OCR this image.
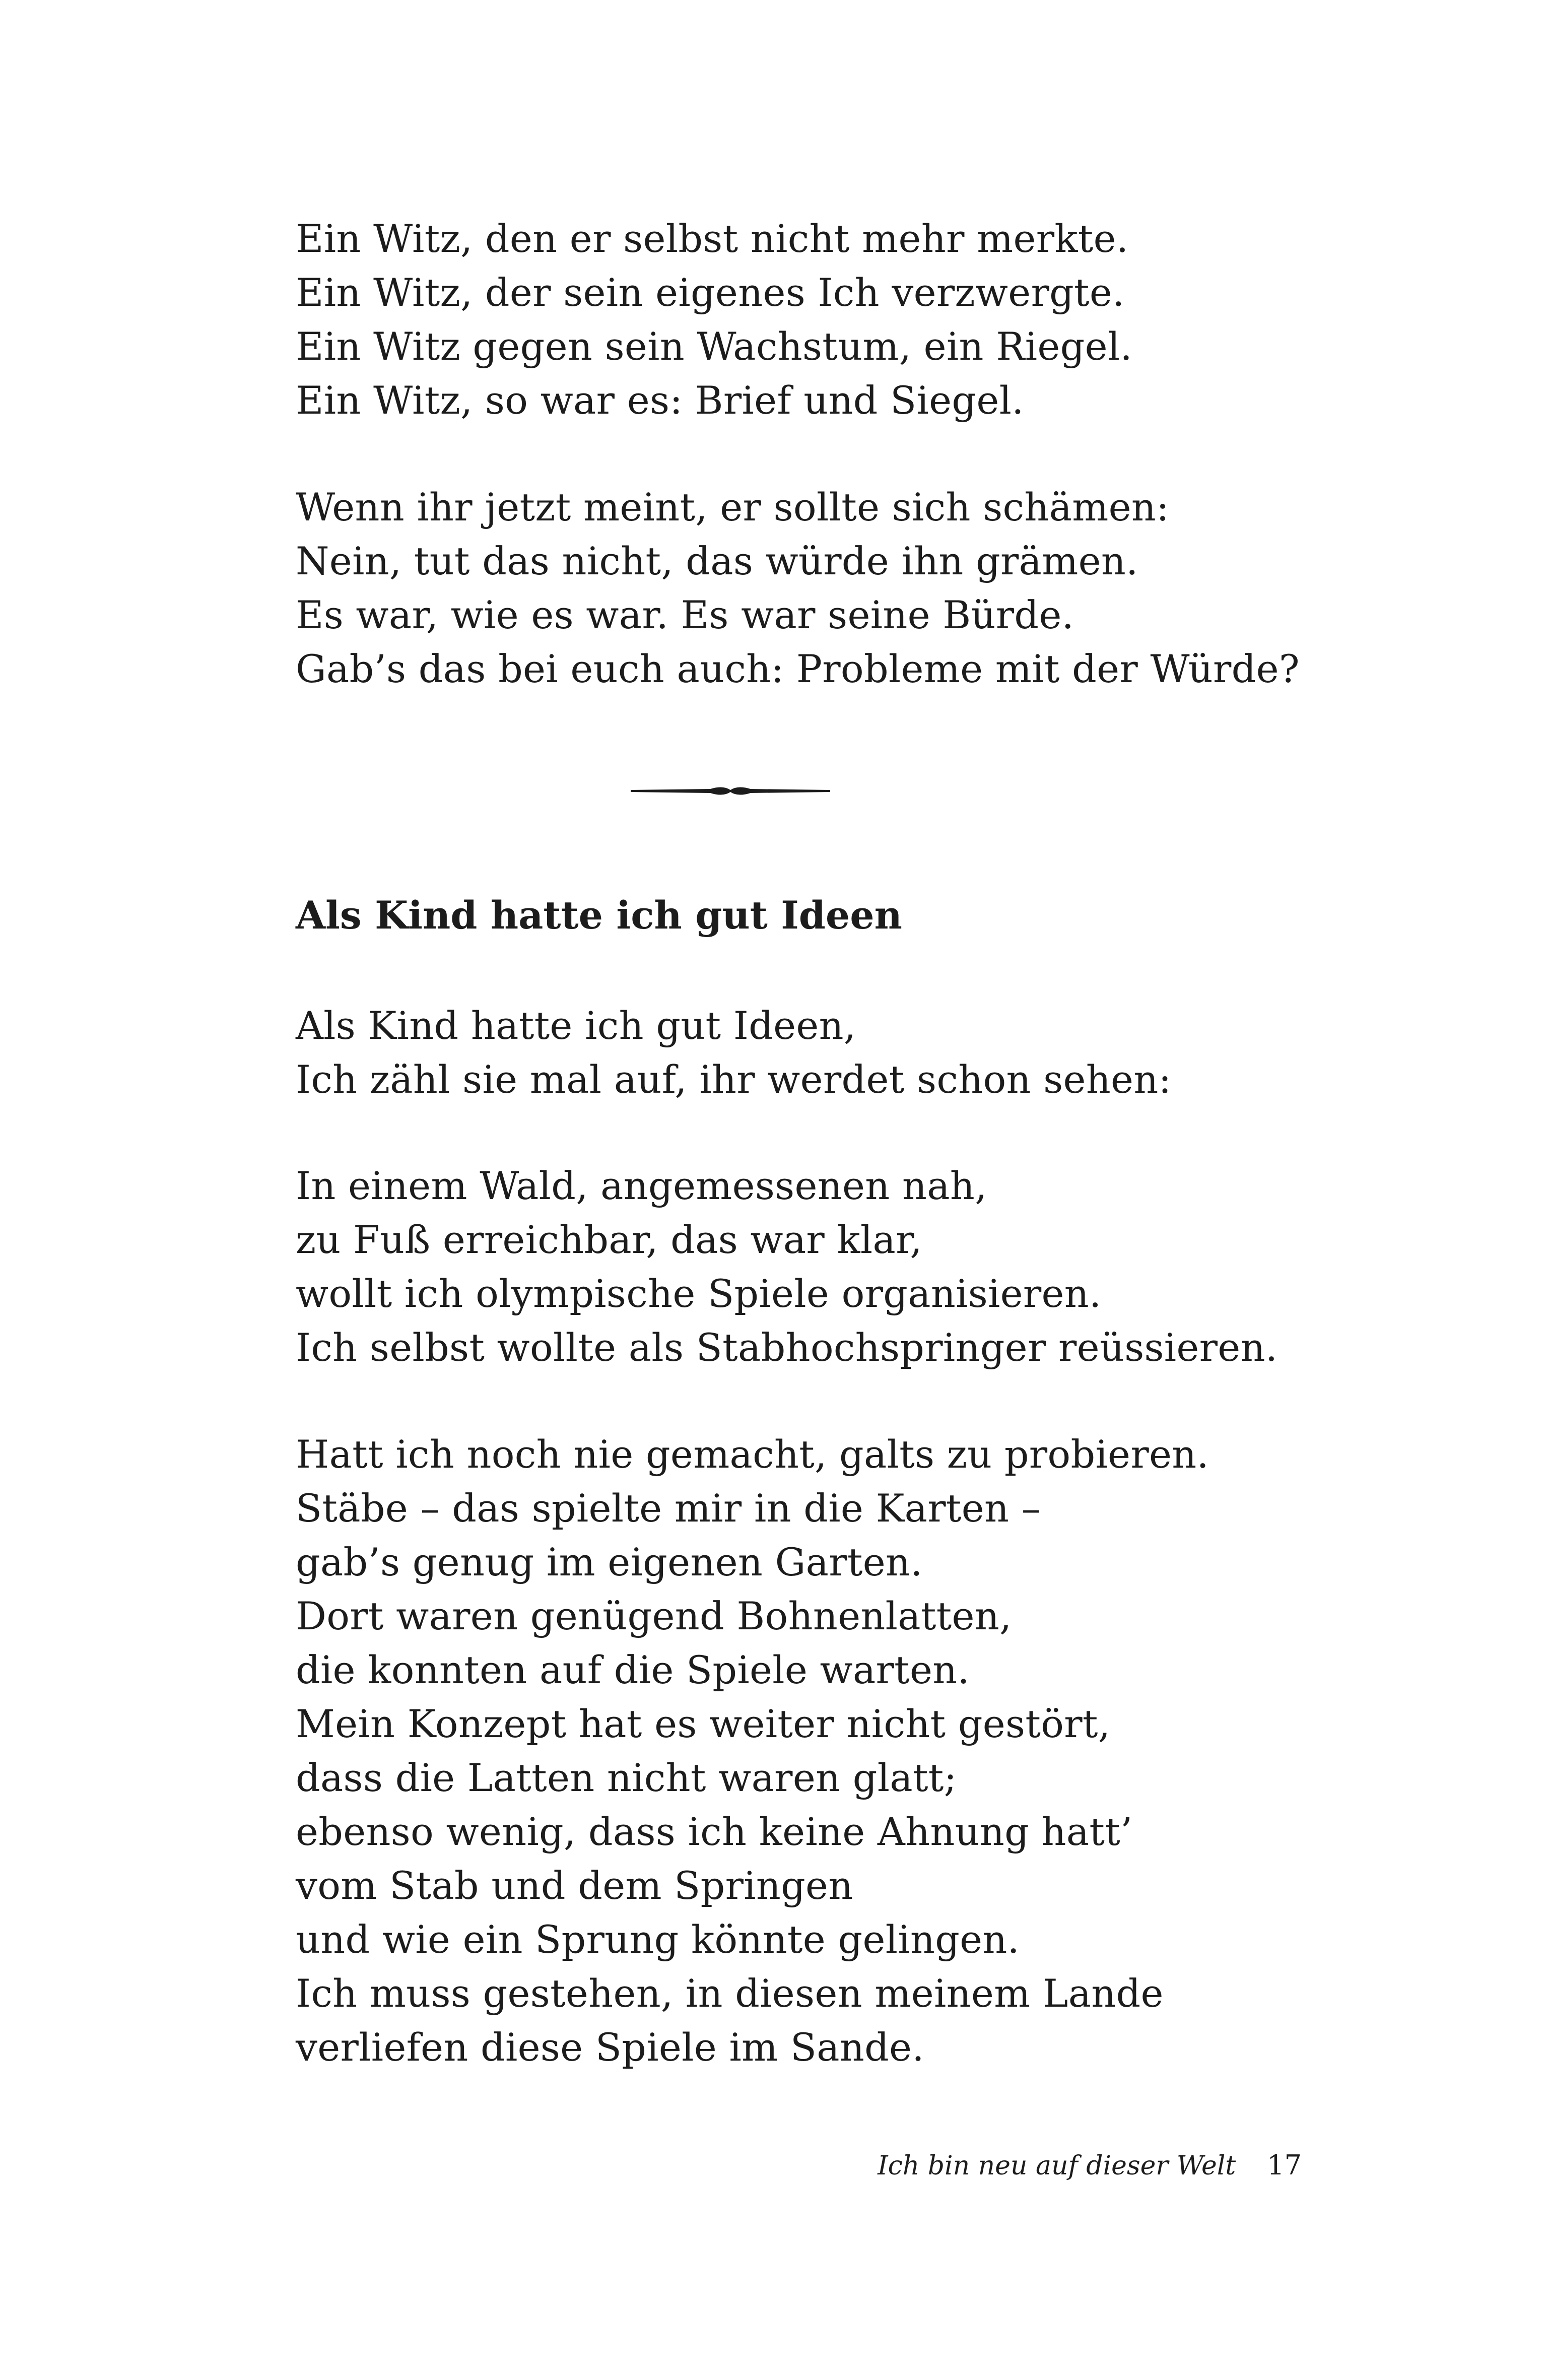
Ein Witz, den er selbst nicht mehr merkte.
Ein Witz, der sein eigenes Ich verzwergte.
Ein Witz gegen sein Wachstum, ein Riegel.
Ein Witz, so war es: Brief und Siegel.
Wenn ihr jetzt meint, er sollte sich schämen:
Nein, tut das nicht, das würde ihn grämen.
Es war, wie es war. Es war seine Bürde.
Gab’s das bei euch auch: Probleme mit der Würde?
Als Kind hatte ich gut Ideen
Als Kind hatte ich gut Ideen,
Ich zähl sie mal auf, ihr werdet schon sehen:
In einem Wald, angemessenen nah,
zu Fuß erreichbar, das war klar,
wollt ich olympische Spiele organisieren.
Ich selbst wollte als Stabhochspringer reüssieren.
Hatt ich noch nie gemacht, galts zu probieren.
Stäbe – das spielte mir in die Karten –
gab’s genug im eigenen Garten.
Dort waren genügend Bohnenlatten,
die konnten auf die Spiele warten.
Mein Konzept hat es weiter nicht gestört,
dass die Latten nicht waren glatt;
ebenso wenig, dass ich keine Ahnung hatt’
vom Stab und dem Springen
und wie ein Sprung könnte gelingen.
Ich muss gestehen, in diesen meinem Lande
verliefen diese Spiele im Sande.
Ich bin neu auf dieser Welt 17
